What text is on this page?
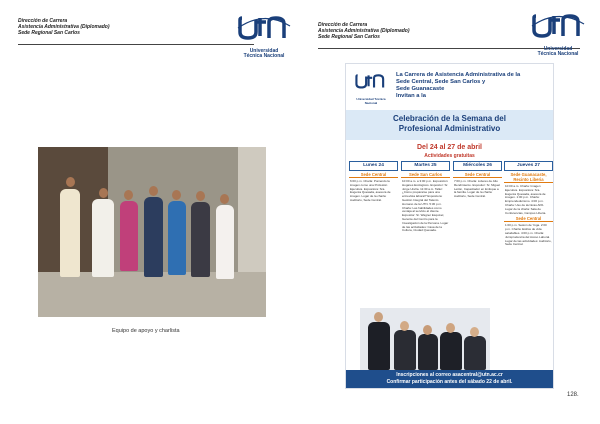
Dirección de Carrera
Asistencia Administrativa (Diplomado)
Sede Regional San Carlos
Universidad
Técnica Nacional
Dirección de Carrera
Asistencia Administrativa (Diplomado)
Sede Regional San Carlos
Universidad
Técnica Nacional
Equipo de apoyo y charlista
Universidad Técnica Nacional
La Carrera de Asistencia Administrativa de la
Sede Central, Sede San Carlos y
Sede Guanacaste
Invitan a la
Celebración de la Semana del
Profesional Administrativo
Del 24 al 27 de abril
Actividades gratuitas
Lunes 24
Sede Central
6:00 p.m. Charla: Poniendo la imagen como una Profesión Ejecutiva. Expositora: Sra. Eugenia Quesada, asesora de imagen. Lugar de la charla: Auditorio, Sede Central.
Martes 25
Sede San Carlos
10:00 a.m. a 3:00 p.m. Exposición: Hogares Ecológicos. Expositor: Sr. Jorge Ureña. 11:30 a.m. Taller: ¿Cómo prepararse para una entrevista laboral? Expositora: Gestión Integral del Talento Humano de la UTN. 5:30 p.m. Charla: Las habilidades como ventaja al servicio al cliente. Expositor: Sr. Wagner Esquivel, Gerente del Centro para la Investigación de la Persona. Lugar de las actividades: Casa de la Cultura, Ciudad Quesada.
Miércoles 26
Sede Central
7:00 p.m. Charla: Líderes de Alto Rendimiento. Expositor: Sr. Miguel Leitón, Capacitador en Enfoque a la familia. Lugar de la charla: Auditorio, Sede Central.
Jueves 27
Sede Guanacaste, Recinto Liberia
10:00 a.m. Charla: Imagen Ejecutiva. Expositora: Sra. Eugenia Quesada, asesora de imagen. 1:00 p.m. Charla: Emprendedurismo. 4:00 p.m. Charla: Uso de técnicas APA. Lugar de la charla: Sala de Conferencias, Campus Liberia.
Sede Central
1:00 p.m. Sesión de Yoga. 2:00 p.m. Charla: Estilos de vida saludables. 4:00 p.m. Charla: Jurisprudencia del Acoso Laboral. Lugar de las actividades: Auditorio, Sede Central.
Inscripciones al correo asacentral@utn.ac.cr
Confirmar participación antes del sábado 22 de abril.
128.
